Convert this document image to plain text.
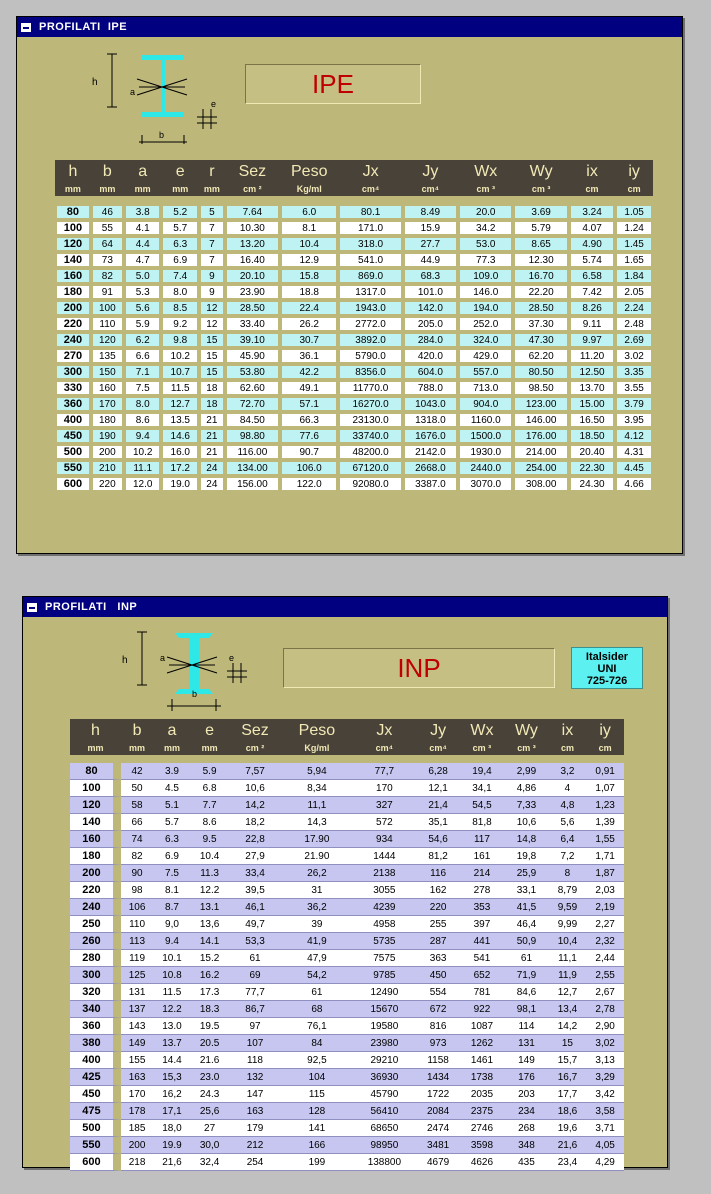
PROFILATI  IPE
h
a
e
b
IPE
h	b	a	e	r	Sez	Peso	Jx	Jy	Wx	Wy	ix	iy
mm	mm	mm	mm	mm	cm ²	Kg/ml	cm⁴	cm⁴	cm ³	cm ³	cm	cm

80	46	3.8	5.2	5	7.64	6.0	80.1	8.49	20.0	3.69	3.24	1.05
100	55	4.1	5.7	7	10.30	8.1	171.0	15.9	34.2	5.79	4.07	1.24
120	64	4.4	6.3	7	13.20	10.4	318.0	27.7	53.0	8.65	4.90	1.45
140	73	4.7	6.9	7	16.40	12.9	541.0	44.9	77.3	12.30	5.74	1.65
160	82	5.0	7.4	9	20.10	15.8	869.0	68.3	109.0	16.70	6.58	1.84
180	91	5.3	8.0	9	23.90	18.8	1317.0	101.0	146.0	22.20	7.42	2.05
200	100	5.6	8.5	12	28.50	22.4	1943.0	142.0	194.0	28.50	8.26	2.24
220	110	5.9	9.2	12	33.40	26.2	2772.0	205.0	252.0	37.30	9.11	2.48
240	120	6.2	9.8	15	39.10	30.7	3892.0	284.0	324.0	47.30	9.97	2.69
270	135	6.6	10.2	15	45.90	36.1	5790.0	420.0	429.0	62.20	11.20	3.02
300	150	7.1	10.7	15	53.80	42.2	8356.0	604.0	557.0	80.50	12.50	3.35
330	160	7.5	11.5	18	62.60	49.1	11770.0	788.0	713.0	98.50	13.70	3.55
360	170	8.0	12.7	18	72.70	57.1	16270.0	1043.0	904.0	123.00	15.00	3.79
400	180	8.6	13.5	21	84.50	66.3	23130.0	1318.0	1160.0	146.00	16.50	3.95
450	190	9.4	14.6	21	98.80	77.6	33740.0	1676.0	1500.0	176.00	18.50	4.12
500	200	10.2	16.0	21	116.00	90.7	48200.0	2142.0	1930.0	214.00	20.40	4.31
550	210	11.1	17.2	24	134.00	106.0	67120.0	2668.0	2440.0	254.00	22.30	4.45
600	220	12.0	19.0	24	156.00	122.0	92080.0	3387.0	3070.0	308.00	24.30	4.66
PROFILATI   INP
h	a	e
b
INP	Italsider
UNI
725-726
h	b	a	e	Sez	Peso	Jx	Jy	Wx	Wy	ix	iy
mm	mm	mm	mm	cm ²	Kg/ml	cm⁴	cm⁴	cm ³	cm ³	cm	cm

80	42	3.9	5.9	7,57	5,94	77,7	6,28	19,4	2,99	3,2	0,91
100	50	4.5	6.8	10,6	8,34	170	12,1	34,1	4,86	4	1,07
120	58	5.1	7.7	14,2	11,1	327	21,4	54,5	7,33	4,8	1,23
140	66	5.7	8.6	18,2	14,3	572	35,1	81,8	10,6	5,6	1,39
160	74	6.3	9.5	22,8	17.90	934	54,6	117	14,8	6,4	1,55
180	82	6.9	10.4	27,9	21.90	1444	81,2	161	19,8	7,2	1,71
200	90	7.5	11.3	33,4	26,2	2138	116	214	25,9	8	1,87
220	98	8.1	12.2	39,5	31	3055	162	278	33,1	8,79	2,03
240	106	8.7	13.1	46,1	36,2	4239	220	353	41,5	9,59	2,19
250	110	9,0	13,6	49,7	39	4958	255	397	46,4	9,99	2,27
260	113	9.4	14.1	53,3	41,9	5735	287	441	50,9	10,4	2,32
280	119	10.1	15.2	61	47,9	7575	363	541	61	11,1	2,44
300	125	10.8	16.2	69	54,2	9785	450	652	71,9	11,9	2,55
320	131	11.5	17.3	77,7	61	12490	554	781	84,6	12,7	2,67
340	137	12.2	18.3	86,7	68	15670	672	922	98,1	13,4	2,78
360	143	13.0	19.5	97	76,1	19580	816	1087	114	14,2	2,90
380	149	13.7	20.5	107	84	23980	973	1262	131	15	3,02
400	155	14.4	21.6	118	92,5	29210	1158	1461	149	15,7	3,13
425	163	15,3	23.0	132	104	36930	1434	1738	176	16,7	3,29
450	170	16,2	24.3	147	115	45790	1722	2035	203	17,7	3,42
475	178	17,1	25,6	163	128	56410	2084	2375	234	18,6	3,58
500	185	18,0	27	179	141	68650	2474	2746	268	19,6	3,71
550	200	19.9	30,0	212	166	98950	3481	3598	348	21,6	4,05
600	218	21,6	32,4	254	199	138800	4679	4626	435	23,4	4,29
